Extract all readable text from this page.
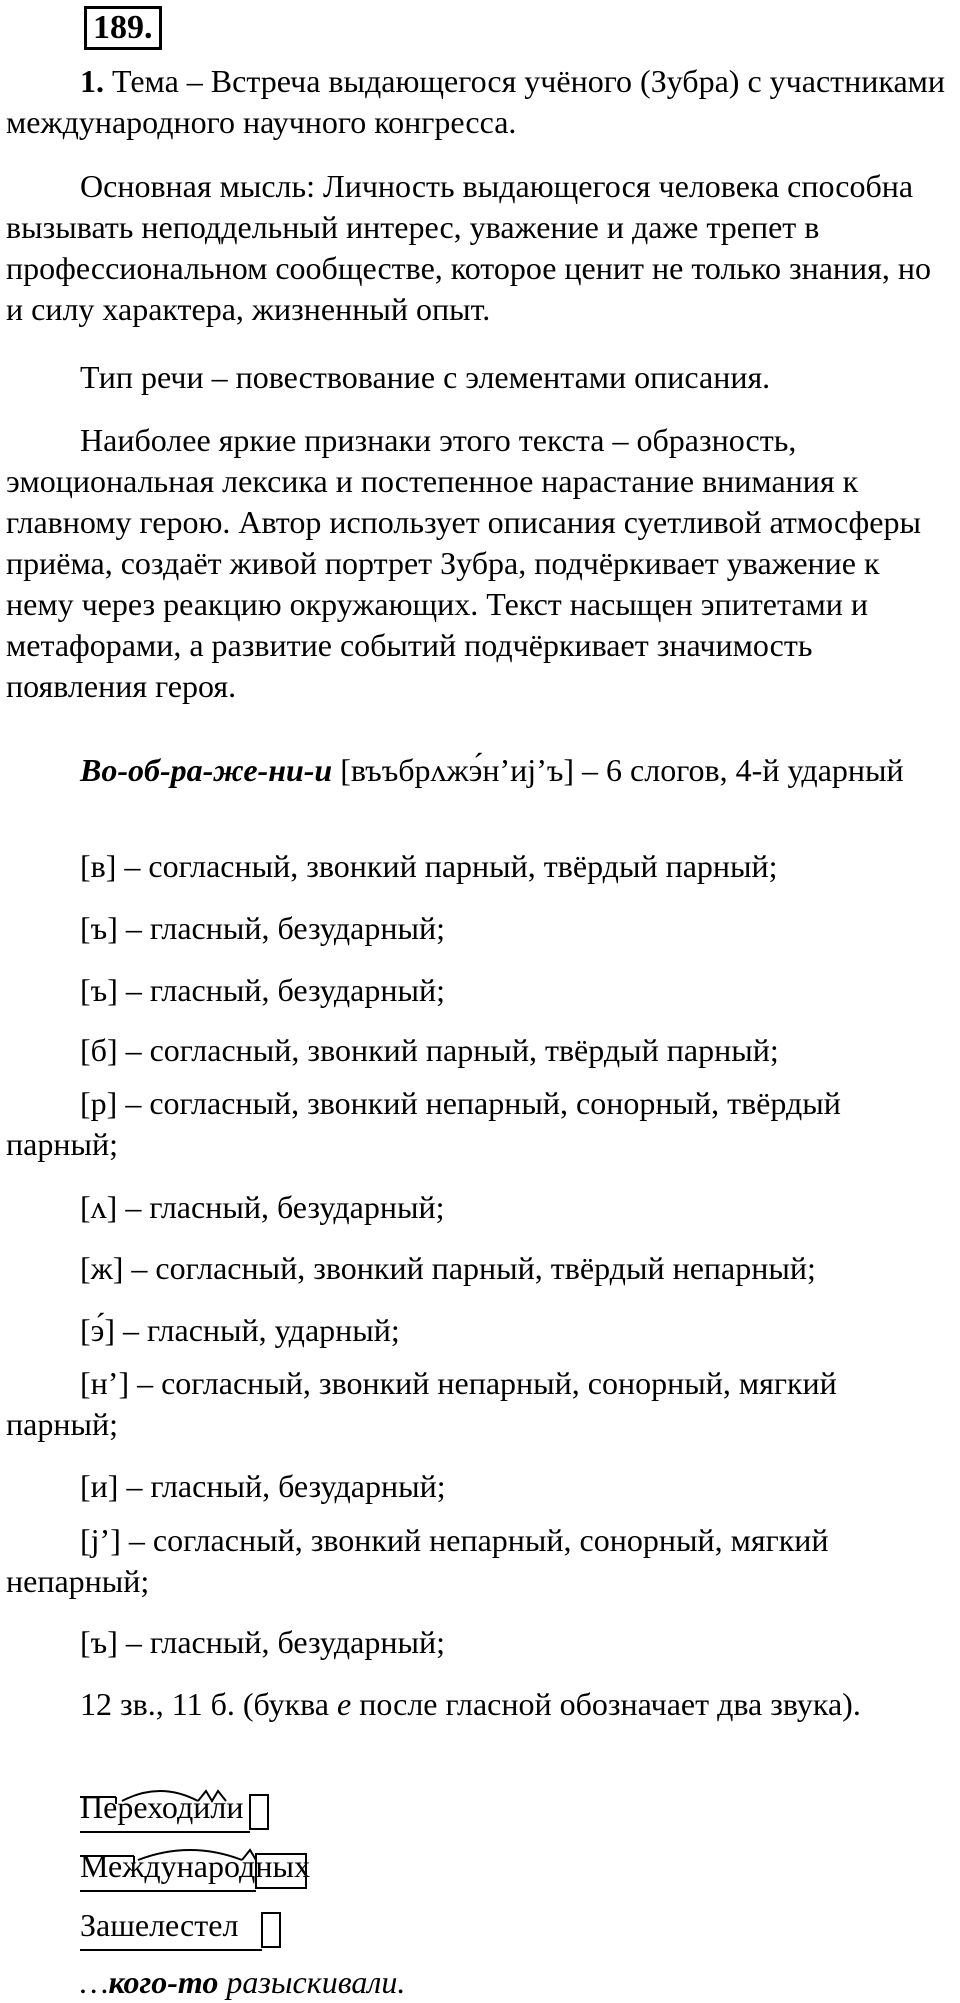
189.
1. Тема – Встреча выдающегося учёного (Зубра) с участниками международного научного конгресса.
Основная мысль: Личность выдающегося человека способна вызывать неподдельный интерес, уважение и даже трепет в профессиональном сообществе, которое ценит не только знания, но и силу характера, жизненный опыт.
Тип речи – повествование с элементами описания.
Наиболее яркие признаки этого текста – образность, эмоциональная лексика и постепенное нарастание внимания к главному герою. Автор использует описания суетливой атмосферы приёма, создаёт живой портрет Зубра, подчёркивает уважение к нему через реакцию окружающих. Текст насыщен эпитетами и метафорами, а развитие событий подчёркивает значимость появления героя.
Во-об-ра-же-ни-и [въъбрʌжэ́н’иj’ъ] – 6 слогов, 4-й ударный
[в] – согласный, звонкий парный, твёрдый парный;
[ъ] – гласный, безударный;
[ъ] – гласный, безударный;
[б] – согласный, звонкий парный, твёрдый парный;
[р] – согласный, звонкий непарный, сонорный, твёрдый парный;
[ʌ] – гласный, безударный;
[ж] – согласный, звонкий парный, твёрдый непарный;
[э́] – гласный, ударный;
[н’] – согласный, звонкий непарный, сонорный, мягкий парный;
[и] – гласный, безударный;
[j’] – согласный, звонкий непарный, сонорный, мягкий непарный;
[ъ] – гласный, безударный;
12 зв., 11 б. (буква е после гласной обозначает два звука).
Переходили
Международных
Зашелестел
…кого-то разыскивали.
